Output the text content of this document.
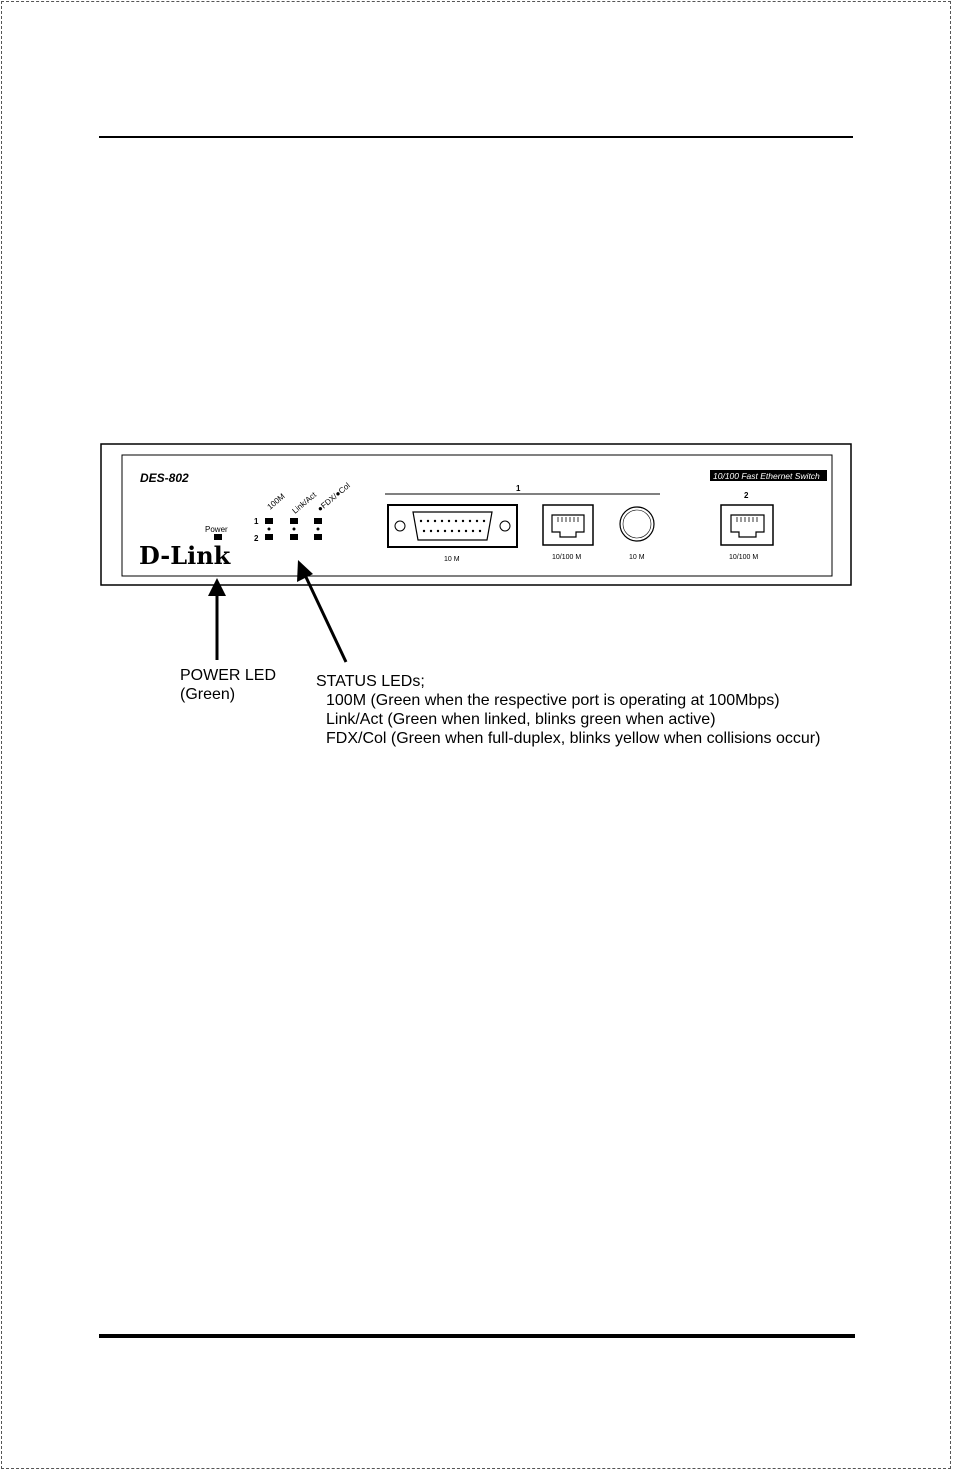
DES-802
D-Link
10/100 Fast Ethernet Switch
Power
100M Link/Act
●FDX/●Col
1
2
1
10 M	10/100 M	10 M
2
10/100 M
POWER LED
(Green)
STATUS LEDs;
100M (Green when the respective port is operating at 100Mbps)
Link/Act (Green when linked, blinks green when active)
FDX/Col (Green when full-duplex, blinks yellow when collisions occur)
